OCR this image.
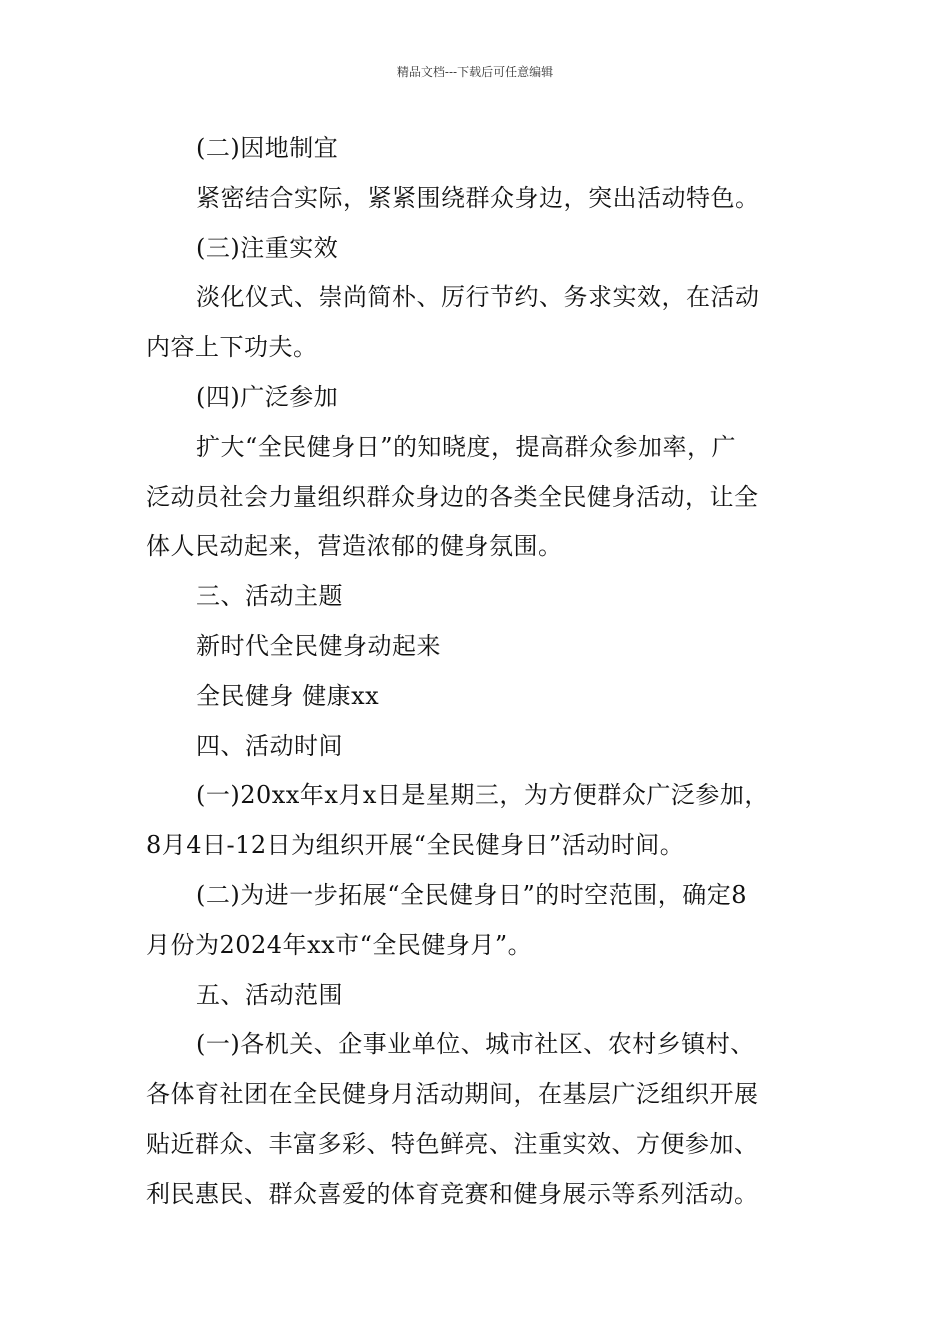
精品文档---下载后可任意编辑
(二)因地制宜
紧密结合实际，紧紧围绕群众身边，突出活动特色。
(三)注重实效
淡化仪式、崇尚简朴、厉行节约、务求实效，在活动
内容上下功夫。
(四)广泛参加
扩大“全民健身日”的知晓度，提高群众参加率，广
泛动员社会力量组织群众身边的各类全民健身活动，让全
体人民动起来，营造浓郁的健身氛围。
三、活动主题
新时代全民健身动起来
全民健身 健康xx
四、活动时间
(一)20xx年x月x日是星期三，为方便群众广泛参加，
8月4日-12日为组织开展“全民健身日”活动时间。
(二)为进一步拓展“全民健身日”的时空范围，确定8
月份为2024年xx市“全民健身月”。
五、活动范围
(一)各机关、企事业单位、城市社区、农村乡镇村、
各体育社团在全民健身月活动期间，在基层广泛组织开展
贴近群众、丰富多彩、特色鲜亮、注重实效、方便参加、
利民惠民、群众喜爱的体育竞赛和健身展示等系列活动。
